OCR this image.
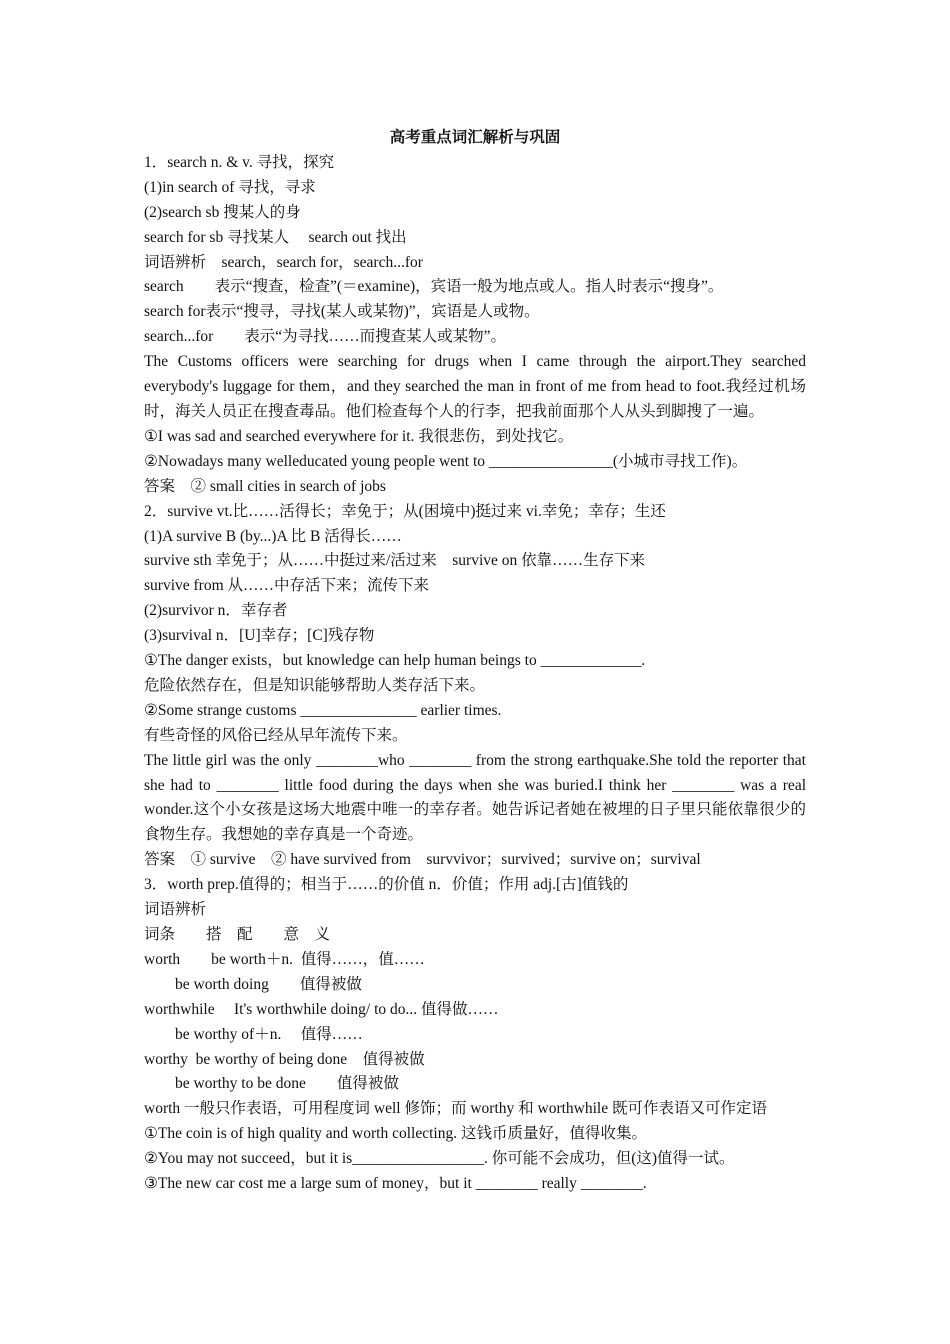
高考重点词汇解析与巩固

1．search n. & v. 寻找，探究

(1)in search of 寻找，寻求

(2)search sb 搜某人的身

search for sb 寻找某人　 search out 找出

词语辨析　search，search for，search...for

search　　表示“搜查，检查”(＝examine)，宾语一般为地点或人。指人时表示“搜身”。

search for表示“搜寻，寻找(某人或某物)”，宾语是人或物。

search...for　　表示“为寻找……而搜查某人或某物”。

The Customs officers were searching for drugs when I came through the airport.They searched everybody's luggage for them，and they searched the man in front of me from head to foot.我经过机场时，海关人员正在搜查毒品。他们检查每个人的行李，把我前面那个人从头到脚搜了一遍。

①I was sad and searched everywhere for it. 我很悲伤，到处找它。

②Nowadays many welleducated young people went to ________________(小城市寻找工作)。

答案　② small cities in search of jobs

2．survive vt.比……活得长；幸免于；从(困境中)挺过来 vi.幸免；幸存；生还

(1)A survive B (by...)A 比 B 活得长……

survive sth 幸免于；从……中挺过来/活过来　survive on 依靠……生存下来

survive from 从……中存活下来；流传下来

(2)survivor n．幸存者

(3)survival n．[U]幸存；[C]残存物

①The danger exists，but knowledge can help human beings to _____________.

危险依然存在，但是知识能够帮助人类存活下来。

②Some strange customs _______________ earlier times.

有些奇怪的风俗已经从早年流传下来。

The little girl was the only ________who ________ from the strong earthquake.She told the reporter that she had to ________ little food during the days when she was buried.I think her ________ was a real wonder.这个小女孩是这场大地震中唯一的幸存者。她告诉记者她在被埋的日子里只能依靠很少的食物生存。我想她的幸存真是一个奇迹。

答案　① survive　② have survived from　survvivor；survived；survive on；survival

3．worth prep.值得的；相当于……的价值 n．价值；作用 adj.[古]值钱的

词语辨析

词条　　搭　配　　意　义

worth　　be worth＋n.  值得……，值……

　　be worth doing　　值得被做

worthwhile　 It's worthwhile doing/ to do... 值得做……

　　be worthy of＋n.　 值得……

worthy  be worthy of being done　值得被做

　　be worthy to be done　　值得被做

worth 一般只作表语，可用程度词 well 修饰；而 worthy 和 worthwhile 既可作表语又可作定语

①The coin is of high quality and worth collecting. 这钱币质量好，值得收集。

②You may not succeed，but it is_________________. 你可能不会成功，但(这)值得一试。

③The new car cost me a large sum of money，but it ________ really ________.
